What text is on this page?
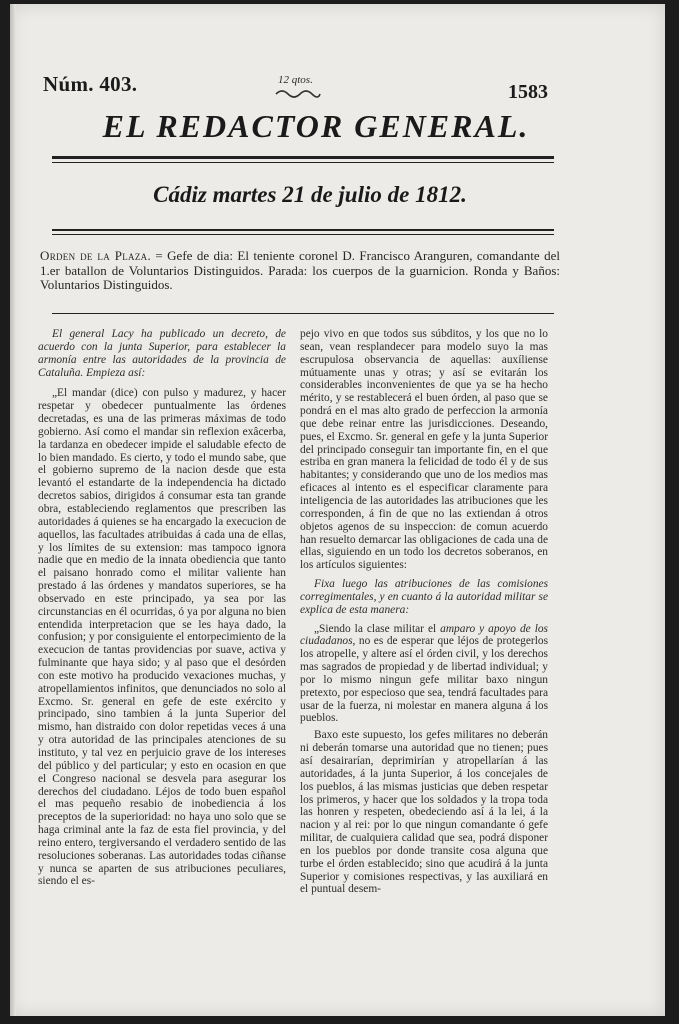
Núm. 403.	12 qtos.
1583
EL REDACTOR GENERAL.
Cádiz martes 21 de julio de 1812.
Orden de la Plaza. = Gefe de dia: El teniente coronel D. Francisco Aranguren, comandante del 1.er batallon de Voluntarios Distinguidos. Parada: los cuerpos de la guarnicion. Ronda y Baños: Voluntarios Distinguidos.

El general Lacy ha publicado un decreto, de acuerdo con la junta Superior, para establecer la armonía entre las autoridades de la provincia de Cataluña. Empieza así:

„El mandar (dice) con pulso y madurez, y hacer respetar y obedecer puntualmente las órdenes decretadas, es una de las primeras máximas de todo gobierno. Así como el mandar sin reflexion exâcerba, la tardanza en obedecer impide el saludable efecto de lo bien mandado. Es cierto, y todo el mundo sabe, que el gobierno supremo de la nacion desde que esta levantó el estandarte de la independencia ha dictado decretos sabios, dirigidos á consumar esta tan grande obra, estableciendo reglamentos que prescriben las autoridades á quienes se ha encargado la execucion de aquellos, las facultades atribuidas á cada una de ellas, y los límites de su extension: mas tampoco ignora nadie que en medio de la innata obediencia que tanto el paisano honrado como el militar valiente han prestado á las órdenes y mandatos superiores, se ha observado en este principado, ya sea por las circunstancias en él ocurridas, ó ya por alguna no bien entendida interpretacion que se les haya dado, la confusion; y por consiguiente el entorpecimiento de la execucion de tantas providencias por suave, activa y fulminante que haya sido; y al paso que el desórden con este motivo ha producido vexaciones muchas, y atropellamientos infinitos, que denunciados no solo al Excmo. Sr. general en gefe de este exército y principado, sino tambien á la junta Superior del mismo, han distraido con dolor repetidas veces á una y otra autoridad de las principales atenciones de su instituto, y tal vez en perjuicio grave de los intereses del público y del particular; y esto en ocasion en que el Congreso nacional se desvela para asegurar los derechos del ciudadano. Léjos de todo buen español el mas pequeño resabio de inobediencia á los preceptos de la superioridad: no haya uno solo que se haga criminal ante la faz de esta fiel provincia, y del reino entero, tergiversando el verdadero sentido de las resoluciones soberanas. Las autoridades todas ciñanse y nunca se aparten de sus atribuciones peculiares, siendo el es-

pejo vivo en que todos sus súbditos, y los que no lo sean, vean resplandecer para modelo suyo la mas escrupulosa observancia de aquellas: auxíliense mútuamente unas y otras; y así se evitarán los considerables inconvenientes de que ya se ha hecho mérito, y se restablecerá el buen órden, al paso que se pondrá en el mas alto grado de perfeccion la armonía que debe reinar entre las jurisdicciones. Deseando, pues, el Excmo. Sr. general en gefe y la junta Superior del principado conseguir tan importante fin, en el que estriba en gran manera la felicidad de todo él y de sus habitantes; y considerando que uno de los medios mas eficaces al intento es el especificar claramente para inteligencia de las autoridades las atribuciones que les corresponden, á fin de que no las extiendan á otros objetos agenos de su inspeccion: de comun acuerdo han resuelto demarcar las obligaciones de cada una de ellas, siguiendo en un todo los decretos soberanos, en los artículos siguientes:

Fixa luego las atribuciones de las comisiones corregimentales, y en cuanto á la autoridad militar se explica de esta manera:

„Siendo la clase militar el amparo y apoyo de los ciudadanos, no es de esperar que léjos de protegerlos los atropelle, y altere así el órden civil, y los derechos mas sagrados de propiedad y de libertad individual; y por lo mismo ningun gefe militar baxo ningun pretexto, por especioso que sea, tendrá facultades para usar de la fuerza, ni molestar en manera alguna á los pueblos.

Baxo este supuesto, los gefes militares no deberán ni deberán tomarse una autoridad que no tienen; pues así desairarían, deprimirían y atropellarían á las autoridades, á la junta Superior, á los concejales de los pueblos, á las mismas justicias que deben respetar los primeros, y hacer que los soldados y la tropa toda las honren y respeten, obedeciendo así á la lei, á la nacion y al rei: por lo que ningun comandante ó gefe militar, de cualquiera calidad que sea, podrá disponer en los pueblos por donde transite cosa alguna que turbe el órden establecido; sino que acudirá á la junta Superior y comisiones respectivas, y las auxiliará en el puntual desem-
